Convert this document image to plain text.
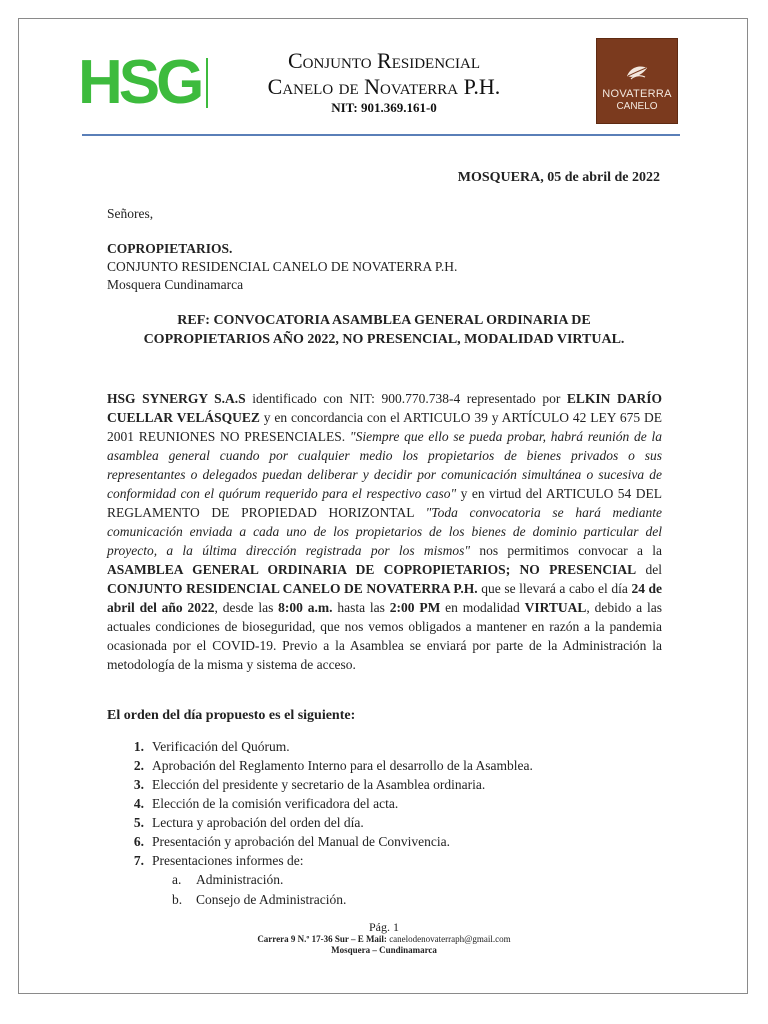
HSG	Conjunto Residencial
Canelo de Novaterra P.H.
NIT: 901.369.161-0
NOVATERRA
CANELO
MOSQUERA, 05 de abril de 2022
Señores,
COPROPIETARIOS.
CONJUNTO RESIDENCIAL CANELO DE NOVATERRA P.H.
Mosquera Cundinamarca
REF: CONVOCATORIA ASAMBLEA GENERAL ORDINARIA DE
COPROPIETARIOS AÑO 2022, NO PRESENCIAL, MODALIDAD VIRTUAL.
HSG SYNERGY S.A.S identificado con NIT: 900.770.738-4 representado por ELKIN DARÍO CUELLAR VELÁSQUEZ y en concordancia con el ARTICULO 39 y ARTÍCULO 42 LEY 675 DE 2001 REUNIONES NO PRESENCIALES. "Siempre que ello se pueda probar, habrá reunión de la asamblea general cuando por cualquier medio los propietarios de bienes privados o sus representantes o delegados puedan deliberar y decidir por comunicación simultánea o sucesiva de conformidad con el quórum requerido para el respectivo caso" y en virtud del ARTICULO 54 DEL REGLAMENTO DE PROPIEDAD HORIZONTAL "Toda convocatoria se hará mediante comunicación enviada a cada uno de los propietarios de los bienes de dominio particular del proyecto, a la última dirección registrada por los mismos" nos permitimos convocar a la ASAMBLEA GENERAL ORDINARIA DE COPROPIETARIOS; NO PRESENCIAL del CONJUNTO RESIDENCIAL CANELO DE NOVATERRA P.H. que se llevará a cabo el día 24 de abril del año 2022, desde las 8:00 a.m. hasta las 2:00 PM en modalidad VIRTUAL, debido a las actuales condiciones de bioseguridad, que nos vemos obligados a mantener en razón a la pandemia ocasionada por el COVID-19. Previo a la Asamblea se enviará por parte de la Administración la metodología de la misma y sistema de acceso.
El orden del día propuesto es el siguiente:
1. Verificación del Quórum.
2. Aprobación del Reglamento Interno para el desarrollo de la Asamblea.
3. Elección del presidente y secretario de la Asamblea ordinaria.
4. Elección de la comisión verificadora del acta.
5. Lectura y aprobación del orden del día.
6. Presentación y aprobación del Manual de Convivencia.
7. Presentaciones informes de:
a.	Administración.
b.	Consejo de Administración.
Pág. 1
Carrera 9 N.º 17-36 Sur – E Mail: canelodenovaterraph@gmail.com
Mosquera – Cundinamarca
